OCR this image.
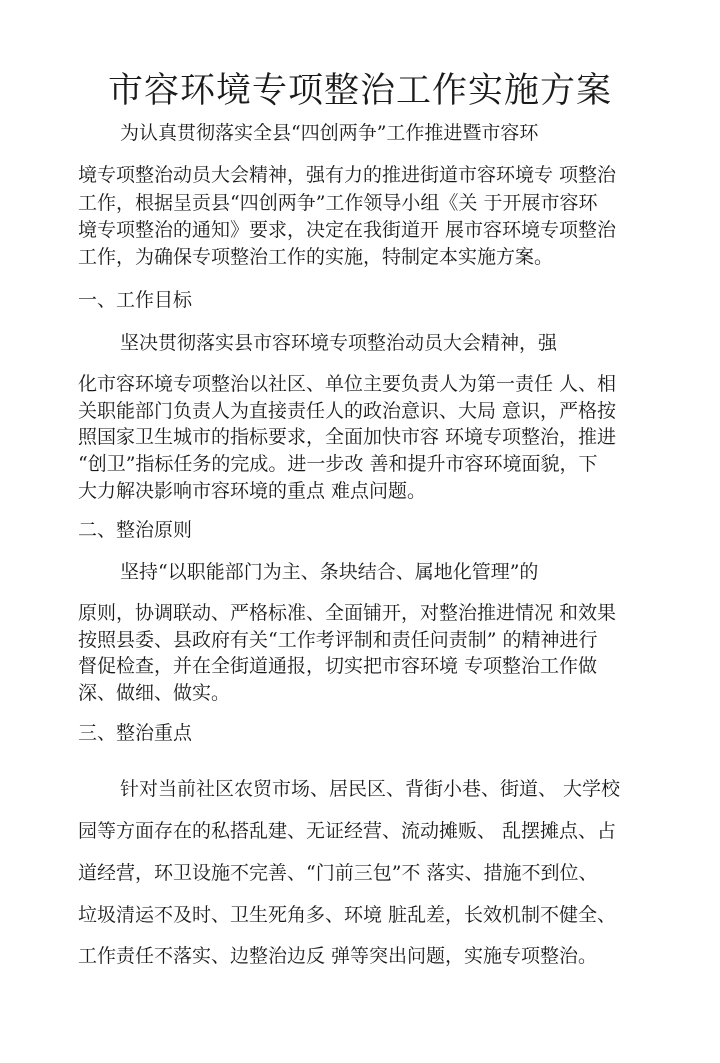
市容环境专项整治工作实施方案
为认真贯彻落实全县“四创两争”工作推进暨市容环
境专项整治动员大会精神，强有力的推进街道市容环境专 项整治
工作，根据呈贡县“四创两争”工作领导小组《关 于开展市容环
境专项整治的通知》要求，决定在我街道开 展市容环境专项整治
工作，为确保专项整治工作的实施，特制定本实施方案。
一、工作目标
坚决贯彻落实县市容环境专项整治动员大会精神，强
化市容环境专项整治以社区、单位主要负责人为第一责任 人、相
关职能部门负责人为直接责任人的政治意识、大局 意识，严格按
照国家卫生城市的指标要求，全面加快市容 环境专项整治，推进
“创卫”指标任务的完成。进一步改 善和提升市容环境面貌，下
大力解决影响市容环境的重点 难点问题。
二、整治原则
坚持“以职能部门为主、条块结合、属地化管理”的
原则，协调联动、严格标准、全面铺开，对整治推进情况 和效果
按照县委、县政府有关“工作考评制和责任问责制” 的精神进行
督促检查，并在全街道通报，切实把市容环境 专项整治工作做
深、做细、做实。
三、整治重点
针对当前社区农贸市场、居民区、背街小巷、街道、 大学校
园等方面存在的私搭乱建、无证经营、流动摊贩、 乱摆摊点、占
道经营，环卫设施不完善、“门前三包”不 落实、措施不到位、
垃圾清运不及时、卫生死角多、环境 脏乱差，长效机制不健全、
工作责任不落实、边整治边反 弹等突出问题，实施专项整治。
